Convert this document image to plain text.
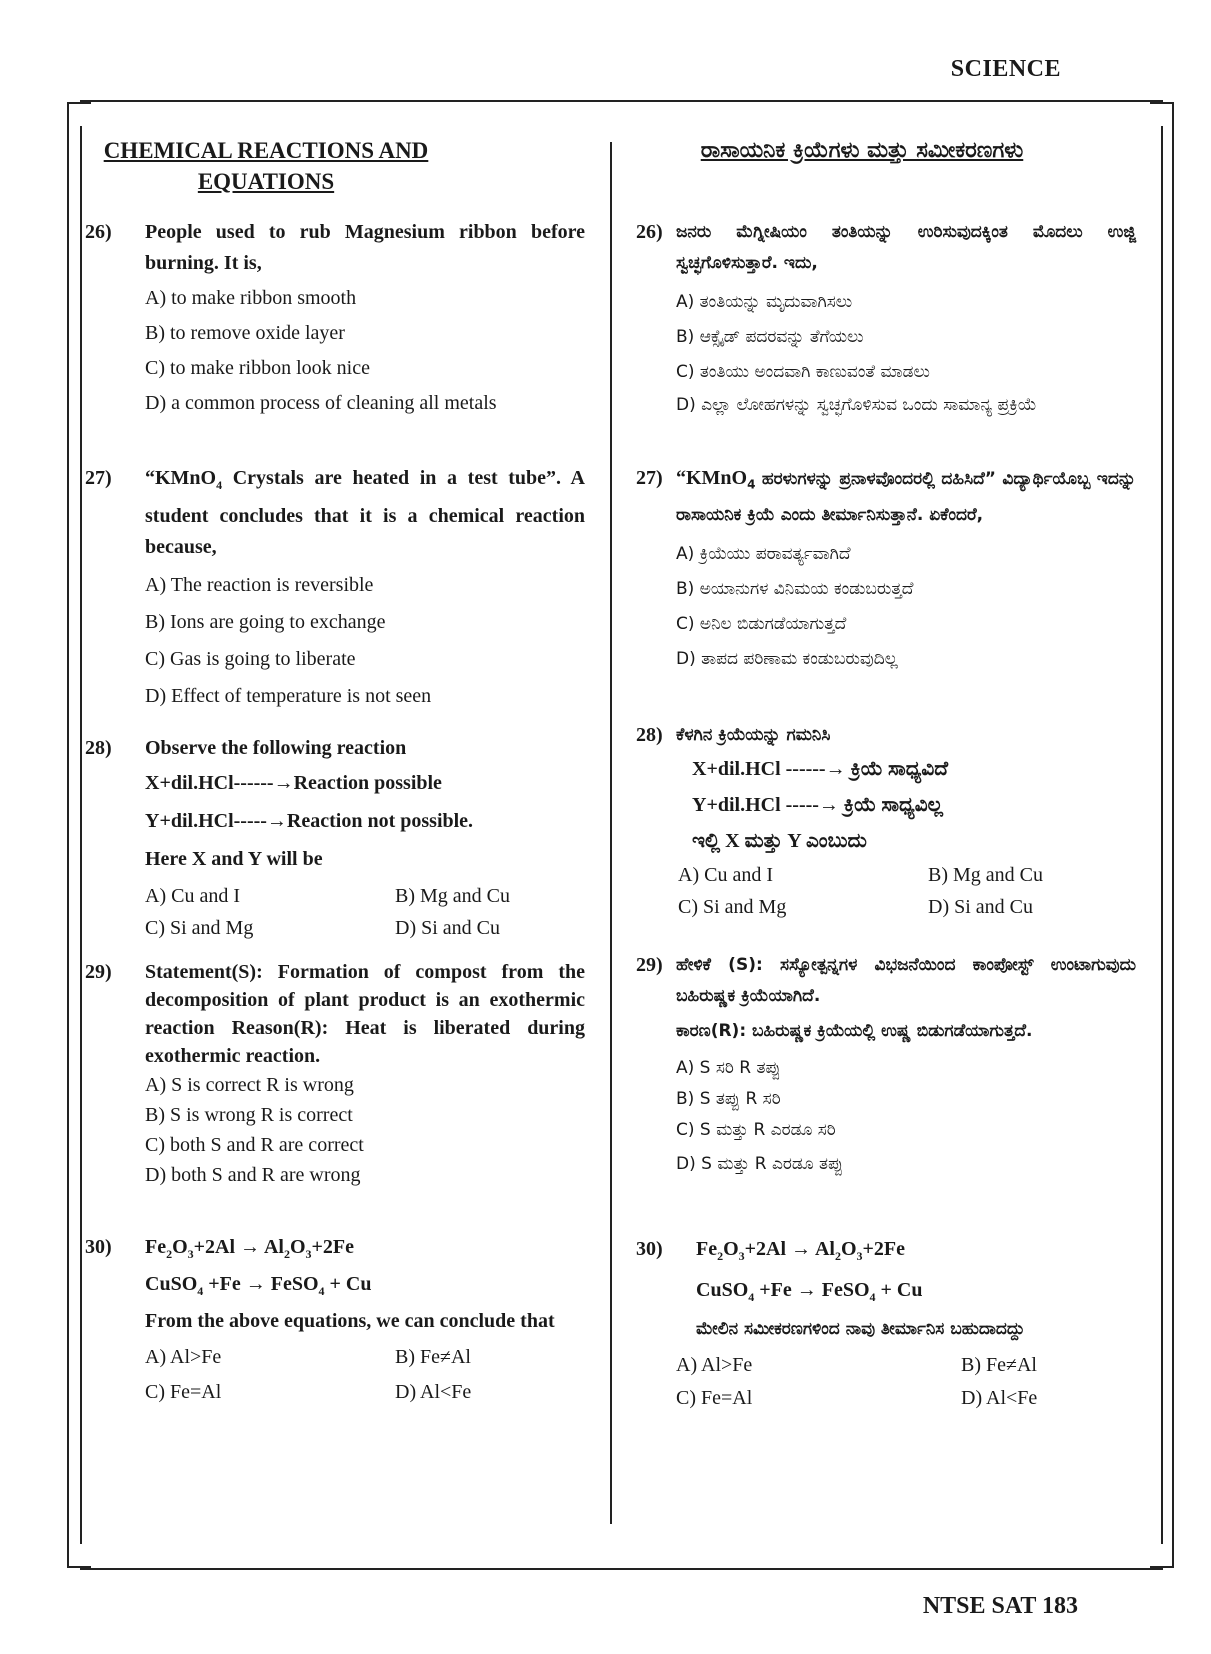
SCIENCE
CHEMICAL REACTIONS AND
EQUATIONS
26) People used to rub Magnesium ribbon before burning. It is,
A) to make ribbon smooth
B) to remove oxide layer
C) to make ribbon look nice
D) a common process of cleaning all metals
27) “KMnO$_4$ Crystals are heated in a test tube”. A student concludes that it is a chemical reaction because,
A) The reaction is reversible
B) Ions are going to exchange
C) Gas is going to liberate
D) Effect of temperature is not seen
28) Observe the following reaction
X+dil.HCl------→Reaction possible
Y+dil.HCl-----→Reaction not possible.
Here X and Y will be
A) Cu and I	B) Mg and Cu
C) Si and Mg	D) Si and Cu
29) Statement(S): Formation of compost from the decomposition of plant product is an exothermic reaction Reason(R): Heat is liberated during exothermic reaction.
A) S is correct R is wrong
B) S is wrong R is correct
C) both S and R are correct
D) both S and R are wrong
30) $Fe_2O_3+2Al \to Al_2O_3+2Fe$
CuSO$_4$ +Fe → FeSO$_4$ + Cu
From the above equations, we can conclude that
A) Al>Fe	B) Fe≠Al
C) Fe=Al	D) Al<Fe
ರಾಸಾಯನಿಕ ಕ್ರಿಯೆಗಳು ಮತ್ತು ಸಮೀಕರಣಗಳು
26) ಜನರು ಮೆಗ್ನೀಷಿಯಂ ತಂತಿಯನ್ನು ಉರಿಸುವುದಕ್ಕಿಂತ ಮೊದಲು ಉಜ್ಜಿ ಸ್ವಚ್ಛಗೊಳಿಸುತ್ತಾರೆ. ಇದು,
A) ತಂತಿಯನ್ನು ಮೃದುವಾಗಿಸಲು
B) ಆಕ್ಸೈಡ್ ಪದರವನ್ನು ತೆಗೆಯಲು
C) ತಂತಿಯು ಅಂದವಾಗಿ ಕಾಣುವಂತೆ ಮಾಡಲು
D) ಎಲ್ಲಾ ಲೋಹಗಳನ್ನು ಸ್ವಚ್ಛಗೊಳಿಸುವ ಒಂದು ಸಾಮಾನ್ಯ ಪ್ರಕ್ರಿಯೆ
27) “KMnO$_4$ ಹರಳುಗಳನ್ನು ಪ್ರನಾಳವೊಂದರಲ್ಲಿ ದಹಿಸಿದೆ” ವಿದ್ಯಾರ್ಥಿಯೊಬ್ಬ ಇದನ್ನು ರಾಸಾಯನಿಕ ಕ್ರಿಯೆ ಎಂದು ತೀರ್ಮಾನಿಸುತ್ತಾನೆ. ಏಕೆಂದರೆ,
A) ಕ್ರಿಯೆಯು ಪರಾವರ್ತ್ಯವಾಗಿದೆ
B) ಅಯಾನುಗಳ ವಿನಿಮಯ ಕಂಡುಬರುತ್ತದೆ
C) ಅನಿಲ ಬಿಡುಗಡೆಯಾಗುತ್ತದೆ
D) ತಾಪದ ಪರಿಣಾಮ ಕಂಡುಬರುವುದಿಲ್ಲ
28) ಕೆಳಗಿನ ಕ್ರಿಯೆಯನ್ನು ಗಮನಿಸಿ
X+dil.HCl ------→ ಕ್ರಿಯೆ ಸಾಧ್ಯವಿದೆ
Y+dil.HCl -----→ ಕ್ರಿಯೆ ಸಾಧ್ಯವಿಲ್ಲ
ಇಲ್ಲಿ X ಮತ್ತು Y ಎಂಬುದು
A) Cu and I	B) Mg and Cu
C) Si and Mg	D) Si and Cu
29) ಹೇಳಿಕೆ (S): ಸಸ್ಯೋತ್ಪನ್ನಗಳ ವಿಭಜನೆಯಿಂದ ಕಾಂಪೋಸ್ಟ್ ಉಂಟಾಗುವುದು ಬಹಿರುಷ್ಣಕ ಕ್ರಿಯೆಯಾಗಿದೆ.
ಕಾರಣ(R): ಬಹಿರುಷ್ಣಕ ಕ್ರಿಯೆಯಲ್ಲಿ ಉಷ್ಣ ಬಿಡುಗಡೆಯಾಗುತ್ತದೆ.
A) S ಸರಿ R ತಪ್ಪು
B) S ತಪ್ಪು R ಸರಿ
C) S ಮತ್ತು R ಎರಡೂ ಸರಿ
D) S ಮತ್ತು R ಎರಡೂ ತಪ್ಪು
30) $Fe_2O_3+2Al \to Al_2O_3+2Fe$
CuSO$_4$ +Fe → FeSO$_4$ + Cu
ಮೇಲಿನ ಸಮೀಕರಣಗಳಿಂದ ನಾವು ತೀರ್ಮಾನಿಸ ಬಹುದಾದದ್ದು
A) Al>Fe	B) Fe≠Al
C) Fe=Al	D) Al<Fe
NTSE SAT 183
